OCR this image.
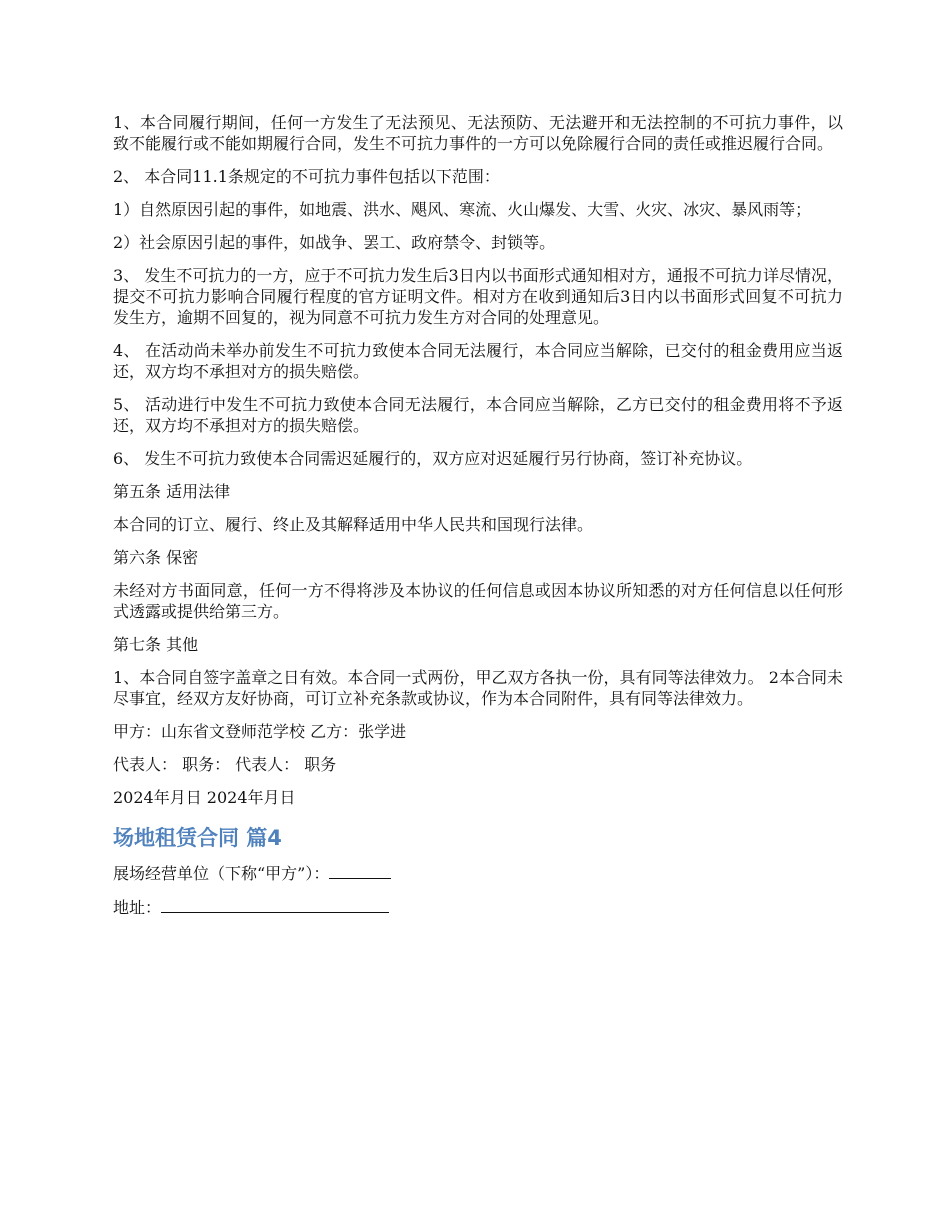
1、本合同履行期间，任何一方发生了无法预见、无法预防、无法避开和无法控制的不可抗力事件，以致不能履行或不能如期履行合同，发生不可抗力事件的一方可以免除履行合同的责任或推迟履行合同。

2、 本合同11.1条规定的不可抗力事件包括以下范围：

1）自然原因引起的事件，如地震、洪水、飓风、寒流、火山爆发、大雪、火灾、冰灾、暴风雨等；

2）社会原因引起的事件，如战争、罢工、政府禁令、封锁等。

3、 发生不可抗力的一方，应于不可抗力发生后3日内以书面形式通知相对方，通报不可抗力详尽情况，提交不可抗力影响合同履行程度的官方证明文件。相对方在收到通知后3日内以书面形式回复不可抗力发生方，逾期不回复的，视为同意不可抗力发生方对合同的处理意见。

4、 在活动尚未举办前发生不可抗力致使本合同无法履行，本合同应当解除，已交付的租金费用应当返还，双方均不承担对方的损失赔偿。

5、 活动进行中发生不可抗力致使本合同无法履行，本合同应当解除，乙方已交付的租金费用将不予返还，双方均不承担对方的损失赔偿。

6、 发生不可抗力致使本合同需迟延履行的，双方应对迟延履行另行协商，签订补充协议。

第五条 适用法律

本合同的订立、履行、终止及其解释适用中华人民共和国现行法律。

第六条 保密

未经对方书面同意，任何一方不得将涉及本协议的任何信息或因本协议所知悉的对方任何信息以任何形式透露或提供给第三方。

第七条 其他

1、本合同自签字盖章之日有效。本合同一式两份，甲乙双方各执一份，具有同等法律效力。 2本合同未尽事宜，经双方友好协商，可订立补充条款或协议，作为本合同附件，具有同等法律效力。

甲方：山东省文登师范学校 乙方：张学进

代表人： 职务： 代表人： 职务

2024年月日 2024年月日

场地租赁合同 篇4

展场经营单位（下称“甲方”）：

地址：
